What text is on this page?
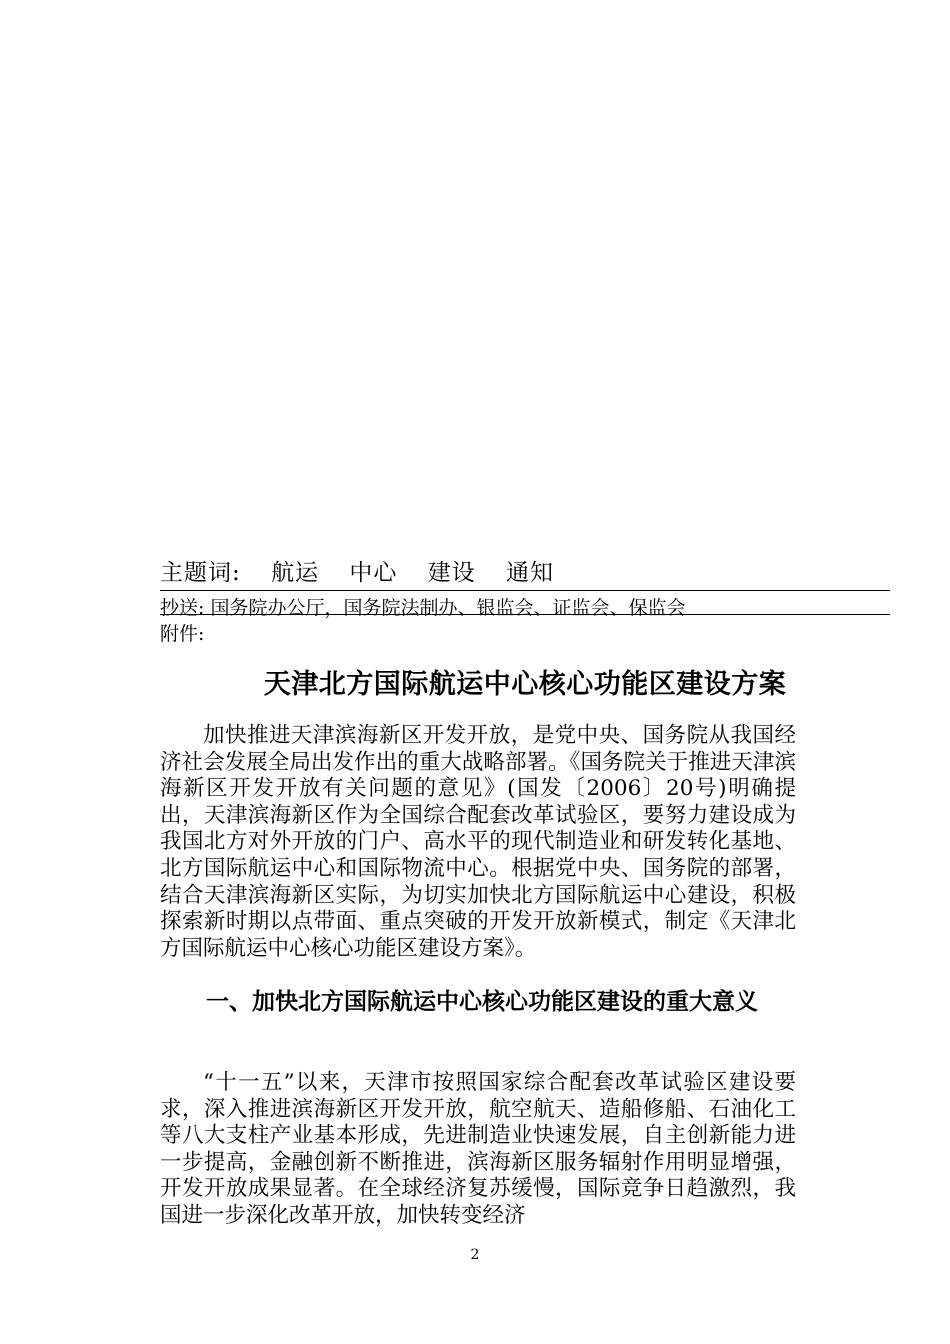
主题词: 航运 中心 建设 通知
抄送: 国务院办公厅，国务院法制办、银监会、证监会、保监会
附件:
天津北方国际航运中心核心功能区建设方案

加快推进天津滨海新区开发开放，是党中央、国务院从我国经济社会发展全局出发作出的重大战略部署。《国务院关于推进天津滨海新区开发开放有关问题的意见》(国发〔2006〕20号)明确提出，天津滨海新区作为全国综合配套改革试验区，要努力建设成为我国北方对外开放的门户、高水平的现代制造业和研发转化基地、北方国际航运中心和国际物流中心。根据党中央、国务院的部署，结合天津滨海新区实际，为切实加快北方国际航运中心建设，积极探索新时期以点带面、重点突破的开发开放新模式，制定《天津北方国际航运中心核心功能区建设方案》。

一、加快北方国际航运中心核心功能区建设的重大意义

“十一五”以来，天津市按照国家综合配套改革试验区建设要求，深入推进滨海新区开发开放，航空航天、造船修船、石油化工等八大支柱产业基本形成，先进制造业快速发展，自主创新能力进一步提高，金融创新不断推进，滨海新区服务辐射作用明显增强，开发开放成果显著。在全球经济复苏缓慢，国际竞争日趋激烈，我国进一步深化改革开放，加快转变经济

2
